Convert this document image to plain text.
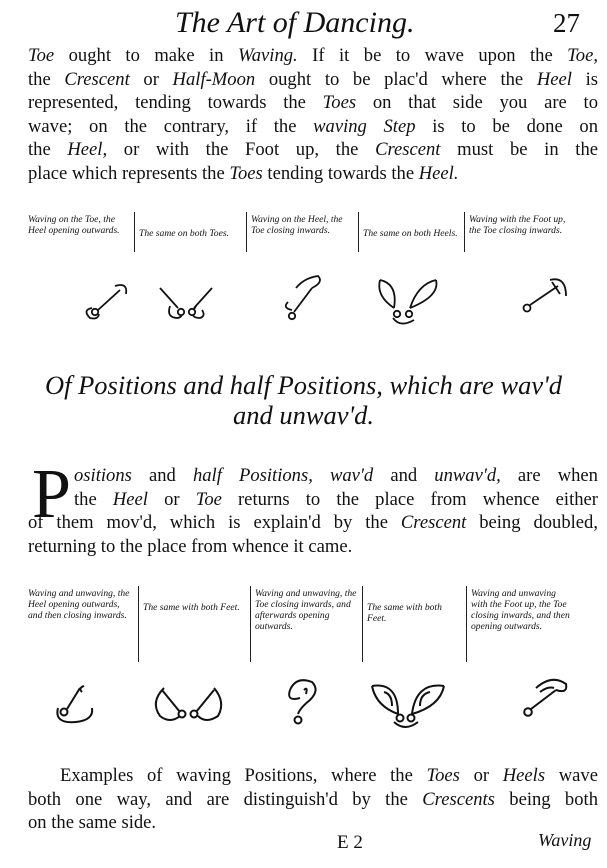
The Art of Dancing.	27
Toe ought to make in Waving. If it be to wave upon the Toe,
the Crescent or Half-Moon ought to be plac'd where the Heel is
represented, tending towards the Toes on that side you are to
wave; on the contrary, if the waving Step is to be done on
the Heel, or with the Foot up, the Crescent must be in the
place which represents the Toes tending towards the Heel.
Waving on the Toe, the Heel opening outwards.	The same on both Toes.
Waving on the Heel, the Toe closing inwards.	The same on both Heels.
Waving with the Foot up, the Toe closing inwards.
Of Positions and half Positions, which are wav'd
and unwav'd.
P ositions and half Positions, wav'd and unwav'd, are when
the Heel or Toe returns to the place from whence either
of them mov'd, which is explain'd by the Crescent being doubled,
returning to the place from whence it came.
Waving and unwaving, the Heel opening outwards, and then closing inwards.
The same with both Feet.
Waving and unwaving, the Toe closing inwards, and afterwards opening outwards.
The same with both Feet.
Waving and unwaving with the Foot up, the Toe closing inwards, and then opening outwards.
Examples of waving Positions, where the Toes or Heels wave
both one way, and are distinguish'd by the Crescents being both
on the same side.
E 2	Waving
